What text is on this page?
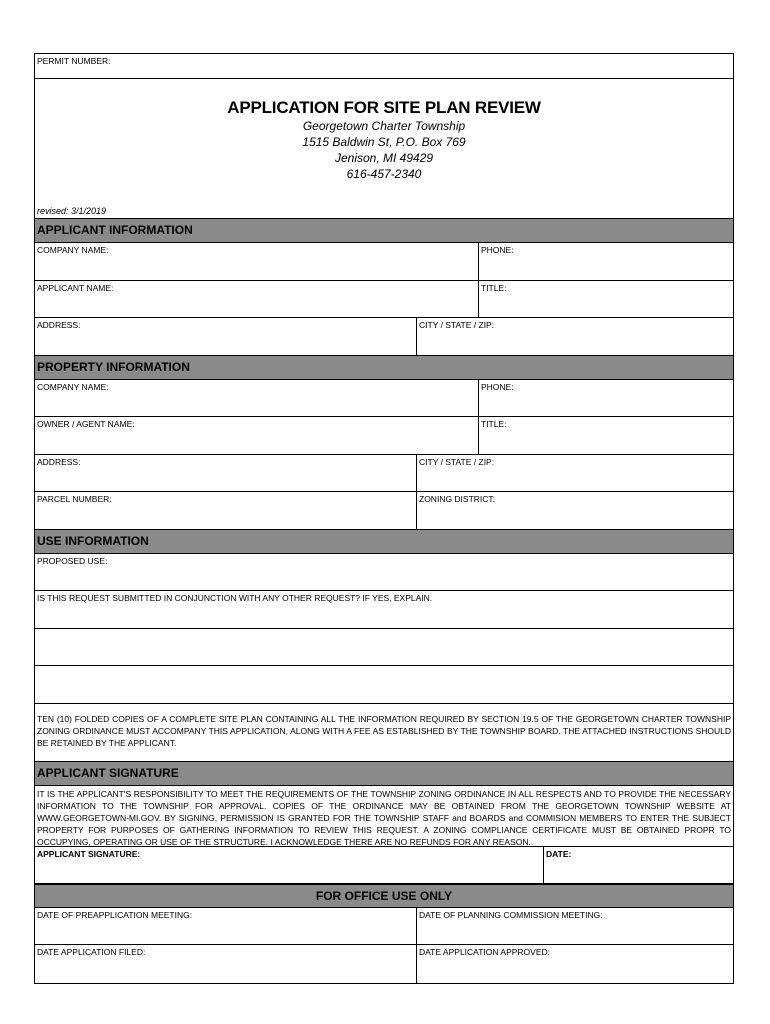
PERMIT NUMBER:
APPLICATION FOR SITE PLAN REVIEW
Georgetown Charter Township
1515 Baldwin St, P.O. Box 769
Jenison, MI 49429
616-457-2340
revised: 3/1/2019
APPLICANT INFORMATION
COMPANY NAME:	PHONE:
APPLICANT NAME:	TITLE:
ADDRESS:	CITY / STATE / ZIP:
PROPERTY INFORMATION
COMPANY NAME:	PHONE:
OWNER / AGENT NAME:	TITLE:
ADDRESS:	CITY / STATE / ZIP:
PARCEL NUMBER:	ZONING DISTRICT:
USE INFORMATION
PROPOSED USE:
IS THIS REQUEST SUBMITTED IN CONJUNCTION WITH ANY OTHER REQUEST? IF YES, EXPLAIN.
TEN (10) FOLDED COPIES OF A COMPLETE SITE PLAN CONTAINING ALL THE INFORMATION REQUIRED BY SECTION 19.5 OF THE GEORGETOWN CHARTER TOWNSHIP ZONING ORDINANCE MUST ACCOMPANY THIS APPLICATION, ALONG WITH A FEE AS ESTABLISHED BY THE TOWNSHIP BOARD. THE ATTACHED INSTRUCTIONS SHOULD BE RETAINED BY THE APPLICANT.
APPLICANT SIGNATURE
IT IS THE APPLICANT'S RESPONSIBILITY TO MEET THE REQUIREMENTS OF THE TOWNSHIP ZONING ORDINANCE IN ALL RESPECTS AND TO PROVIDE THE NECESSARY INFORMATION TO THE TOWNSHIP FOR APPROVAL. COPIES OF THE ORDINANCE MAY BE OBTAINED FROM THE GEORGETOWN TOWNSHIP WEBSITE AT WWW.GEORGETOWN-MI.GOV. BY SIGNING, PERMISSION IS GRANTED FOR THE TOWNSHIP STAFF and BOARDS and COMMISION MEMBERS TO ENTER THE SUBJECT PROPERTY FOR PURPOSES OF GATHERING INFORMATION TO REVIEW THIS REQUEST. A ZONING COMPLIANCE CERTIFICATE MUST BE OBTAINED PROPR TO OCCUPYING, OPERATING OR USE OF THE STRUCTURE. I ACKNOWLEDGE THERE ARE NO REFUNDS FOR ANY REASON.
APPLICANT SIGNATURE:	DATE:
FOR OFFICE USE ONLY
DATE OF PREAPPLICATION MEETING:	DATE OF PLANNING COMMISSION MEETING:
DATE APPLICATION FILED:	DATE APPLICATION APPROVED:
